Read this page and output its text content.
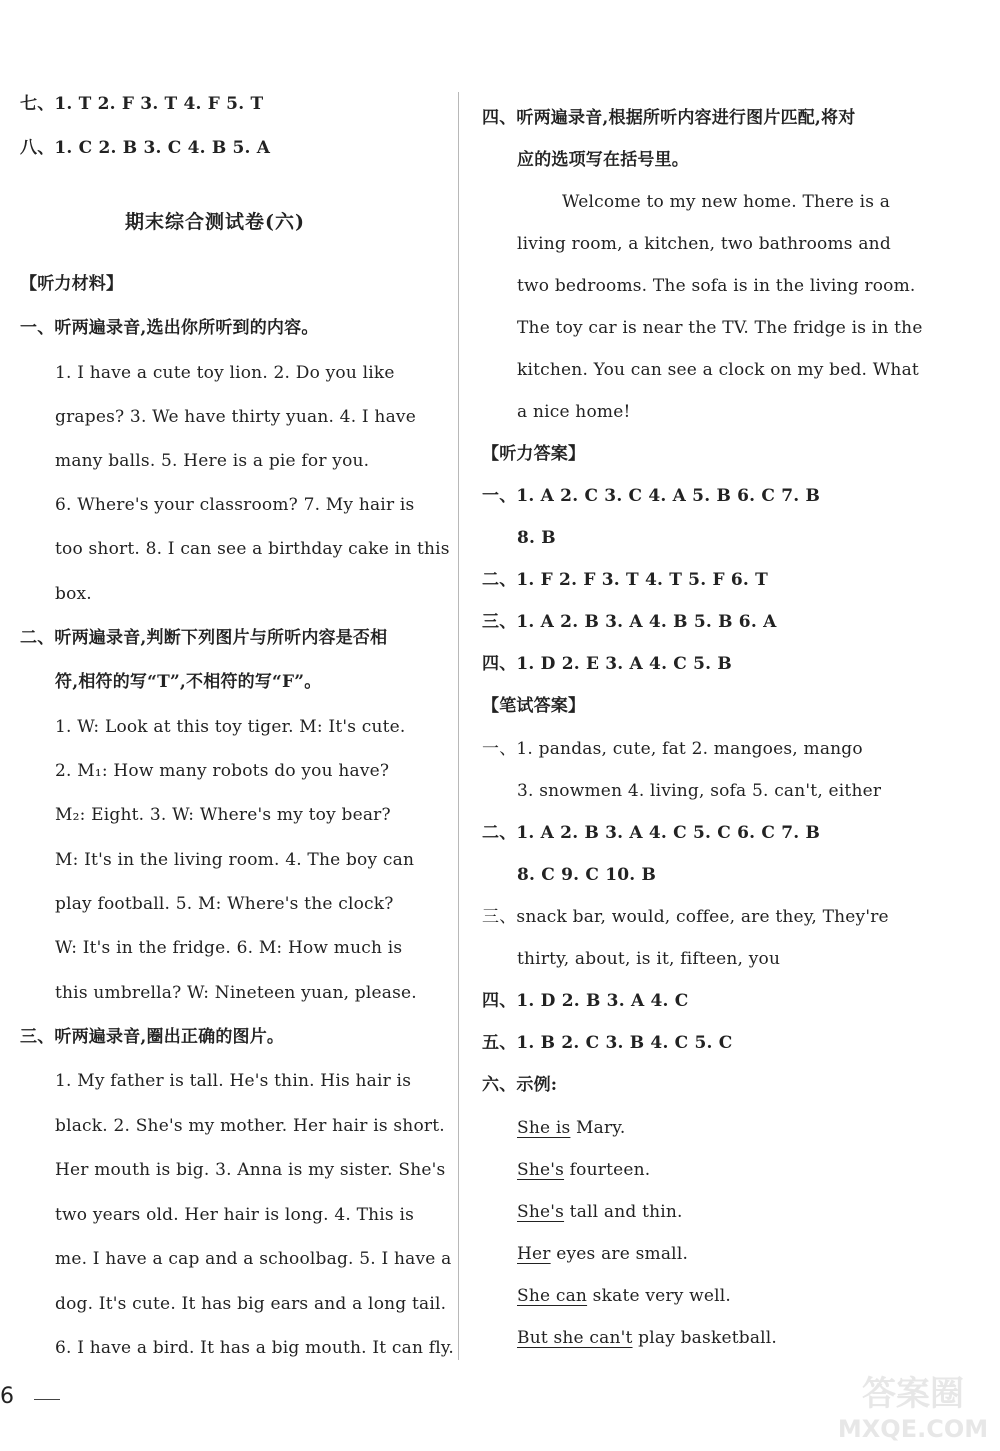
七、1. T 2. F 3. T 4. F 5. T
八、1. C 2. B 3. C 4. B 5. A
期末综合测试卷(六)
【听力材料】
一、听两遍录音,选出你所听到的内容。
1. I have a cute toy lion. 2. Do you like
grapes? 3. We have thirty yuan. 4. I have
many balls. 5. Here is a pie for you.
6. Where's your classroom? 7. My hair is
too short. 8. I can see a birthday cake in this
box.
二、听两遍录音,判断下列图片与所听内容是否相
符,相符的写“T”,不相符的写“F”。
1. W: Look at this toy tiger. M: It's cute.
2. M₁: How many robots do you have?
M₂: Eight. 3. W: Where's my toy bear?
M: It's in the living room. 4. The boy can
play football. 5. M: Where's the clock?
W: It's in the fridge. 6. M: How much is
this umbrella? W: Nineteen yuan, please.
三、听两遍录音,圈出正确的图片。
1. My father is tall. He's thin. His hair is
black. 2. She's my mother. Her hair is short.
Her mouth is big. 3. Anna is my sister. She's
two years old. Her hair is long. 4. This is
me. I have a cap and a schoolbag. 5. I have a
dog. It's cute. It has big ears and a long tail.
6. I have a bird. It has a big mouth. It can fly.
四、听两遍录音,根据所听内容进行图片匹配,将对
应的选项写在括号里。
Welcome to my new home. There is a
living room, a kitchen, two bathrooms and
two bedrooms. The sofa is in the living room.
The toy car is near the TV. The fridge is in the
kitchen. You can see a clock on my bed. What
a nice home!
【听力答案】
一、1. A 2. C 3. C 4. A 5. B 6. C 7. B
8. B
二、1. F 2. F 3. T 4. T 5. F 6. T
三、1. A 2. B 3. A 4. B 5. B 6. A
四、1. D 2. E 3. A 4. C 5. B
【笔试答案】
一、1. pandas, cute, fat 2. mangoes, mango
3. snowmen 4. living, sofa 5. can't, either
二、1. A 2. B 3. A 4. C 5. C 6. C 7. B
8. C 9. C 10. B
三、snack bar, would, coffee, are they, They're
thirty, about, is it, fifteen, you
四、1. D 2. B 3. A 4. C
五、1. B 2. C 3. B 4. C 5. C
六、示例:
She is Mary.
She's fourteen.
She's tall and thin.
Her eyes are small.
She can skate very well.
But she can't play basketball.
6	答案圈
MXQE.COM
